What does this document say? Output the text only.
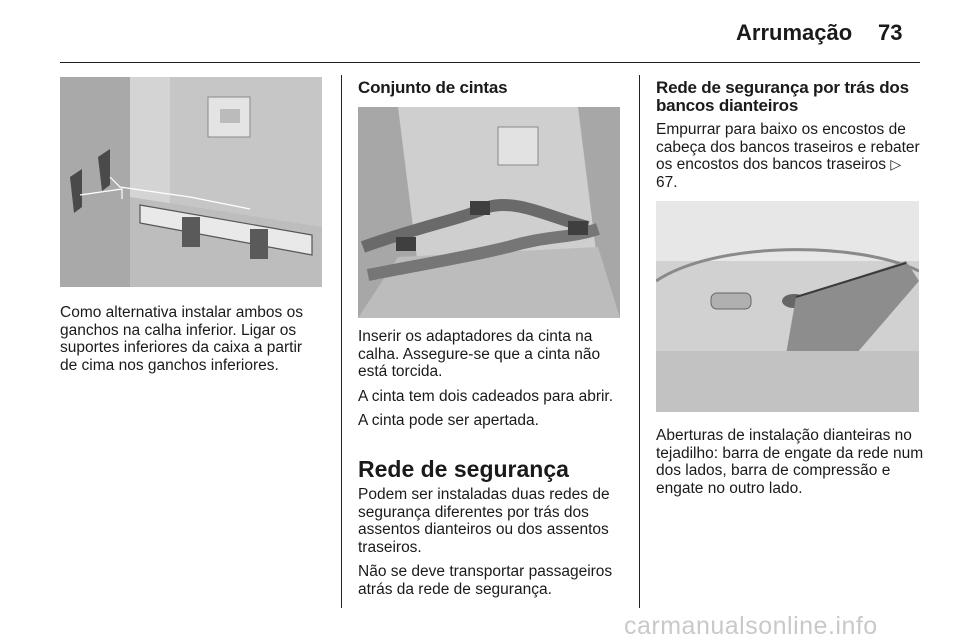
Arrumação 73
Como alternativa instalar ambos os ganchos na calha inferior. Ligar os suportes inferiores da caixa a partir de cima nos ganchos inferiores.
Conjunto de cintas

Inserir os adaptadores da cinta na calha. Assegure-se que a cinta não está torcida.

A cinta tem dois cadeados para abrir.

A cinta pode ser apertada.

Rede de segurança

Podem ser instaladas duas redes de segurança diferentes por trás dos assentos dianteiros ou dos assentos traseiros.

Não se deve transportar passageiros atrás da rede de segurança.

Rede de segurança por trás dos bancos dianteiros
Empurrar para baixo os encostos de cabeça dos bancos traseiros e rebater os encostos dos bancos traseiros ▷ 67.
Aberturas de instalação dianteiras no tejadilho: barra de engate da rede num dos lados, barra de compressão e engate no outro lado.
carmanualsonline.info
